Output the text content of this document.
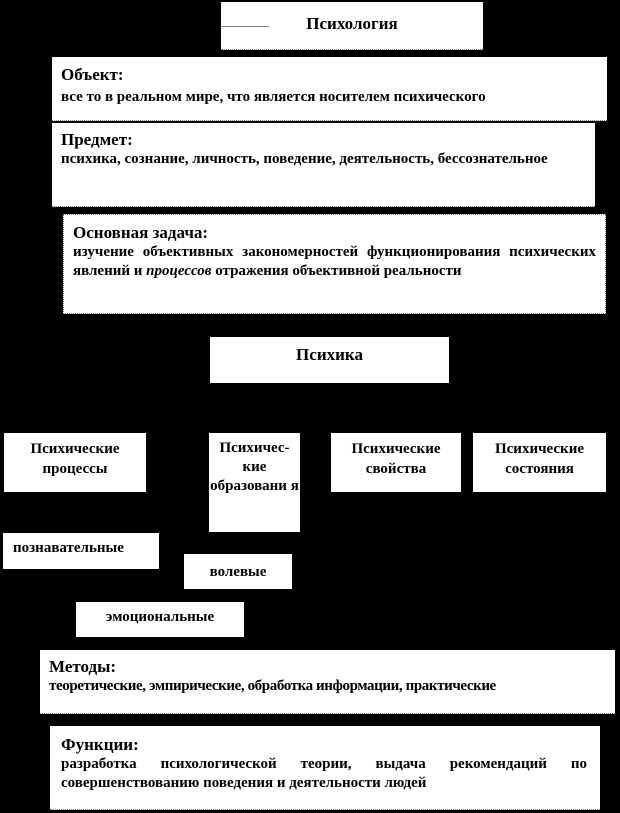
Психология
Объект:
все то в реальном мире, что является носителем психического
Предмет:
психика, сознание, личность, поведение, деятельность, бессознательное
Основная задача:
изучение объективных закономерностей функционирования психических явлений и процессов отражения объективной реальности
Психика
Психические процессы
Психичес-кие образовани я
Психические свойства
Психические состояния
познавательные
волевые
эмоциональные
Методы:
теоретические, эмпирические, обработка информации, практические
Функции:
разработка психологической теории, выдача рекомендаций по совершенствованию поведения и деятельности людей
